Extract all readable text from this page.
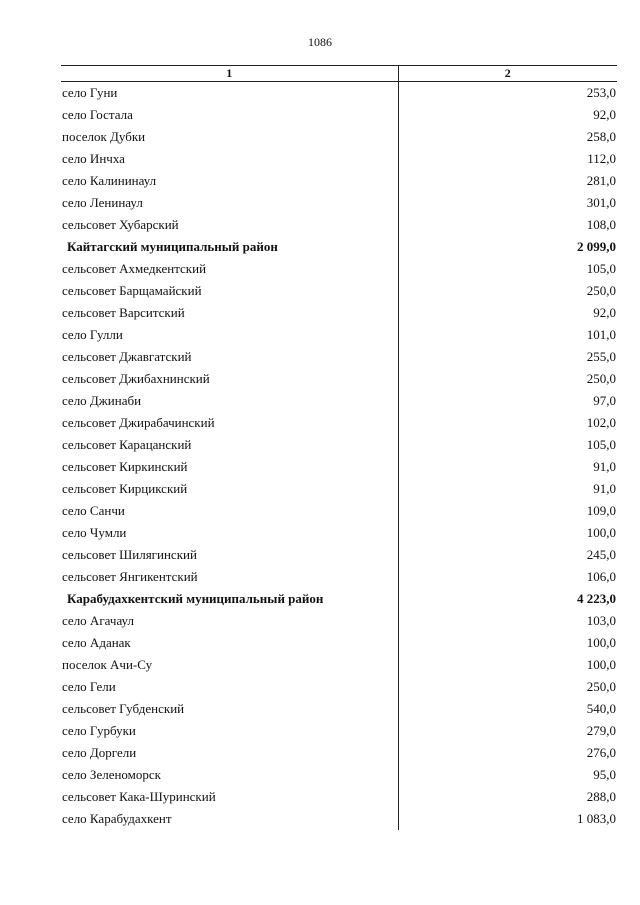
1086
1	2
село Гуни	253,0
село Гостала	92,0
поселок Дубки	258,0
село Инчха	112,0
село Калининаул	281,0
село Ленинаул	301,0
сельсовет Хубарский	108,0
Кайтагский муниципальный район	2 099,0
сельсовет Ахмедкентский	105,0
сельсовет Барщамайский	250,0
сельсовет Варситский	92,0
село Гулли	101,0
сельсовет Джавгатский	255,0
сельсовет Джибахнинский	250,0
село Джинаби	97,0
сельсовет Джирабачинский	102,0
сельсовет Карацанский	105,0
сельсовет Киркинский	91,0
сельсовет Кирцикский	91,0
село Санчи	109,0
село Чумли	100,0
сельсовет Шилягинский	245,0
сельсовет Янгикентский	106,0
Карабудахкентский муниципальный район	4 223,0
село Агачаул	103,0
село Аданак	100,0
поселок Ачи-Су	100,0
село Гели	250,0
сельсовет Губденский	540,0
село Гурбуки	279,0
село Доргели	276,0
село Зеленоморск	95,0
сельсовет Кака-Шуринский	288,0
село Карабудахкент	1 083,0
